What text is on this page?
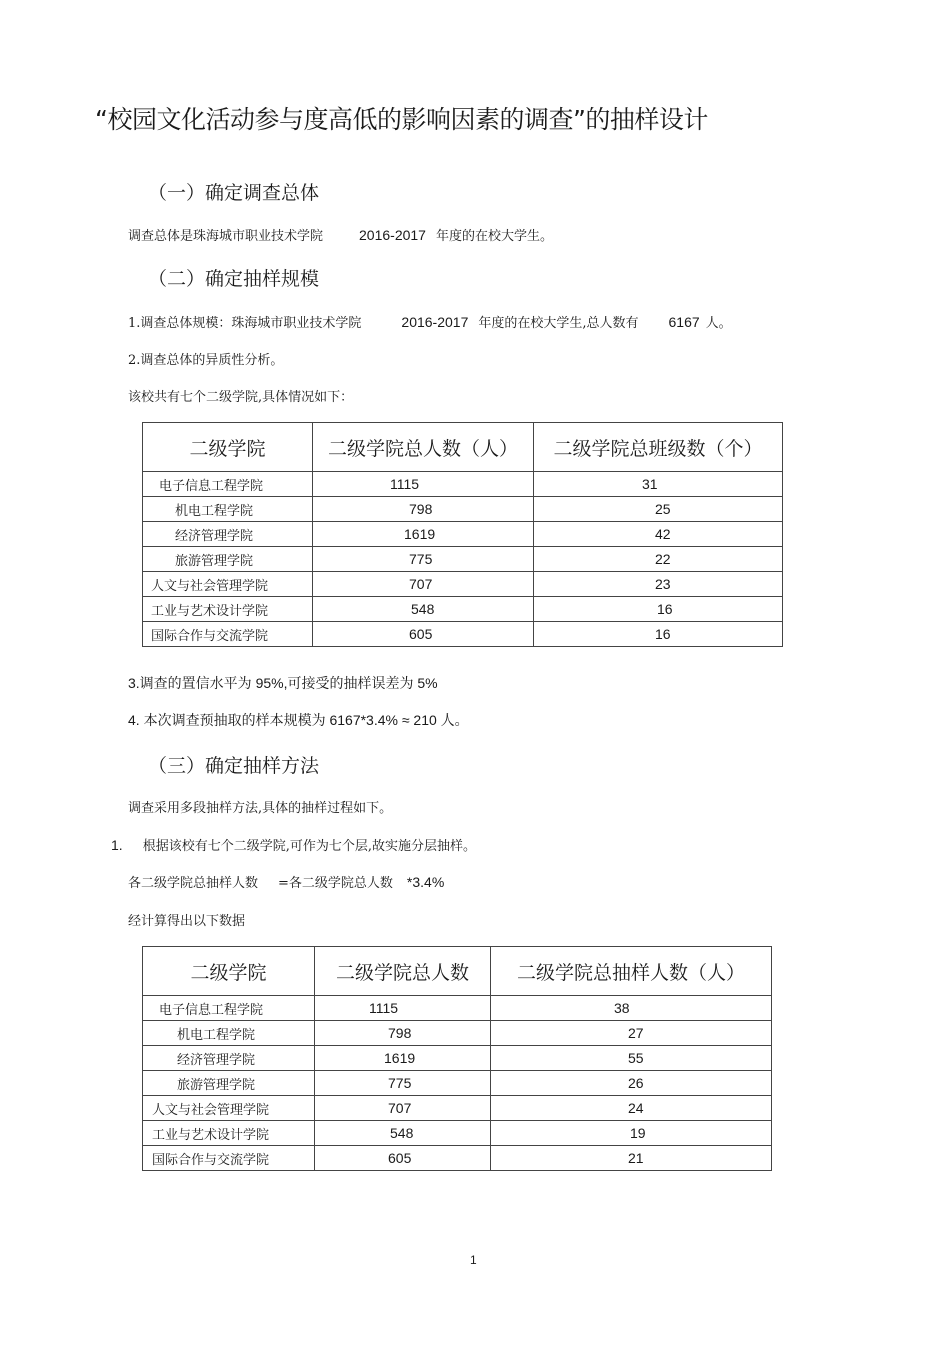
“校园文化活动参与度高低的影响因素的调查”的抽样设计
（一）确定调查总体
调查总体是珠海城市职业技术学院	2016-2017 年度的在校大学生。
（二）确定抽样规模
1.调查总体规模：珠海城市职业技术学院	2016-2017 年度的在校大学生,总人数有 6167 人。
2.调查总体的异质性分析。
该校共有七个二级学院,具体情况如下：
二级学院	二级学院总人数（人）	二级学院总班级数（个）
电子信息工程学院	1115	31
机电工程学院	798	25
经济管理学院	1619	42
旅游管理学院	775	22
人文与社会管理学院	707	23
工业与艺术设计学院	548	16
国际合作与交流学院	605	16
3.调查的置信水平为 95%,可接受的抽样误差为 5%
4. 本次调查预抽取的样本规模为 6167*3.4% ≈ 210 人。
（三）确定抽样方法
调查采用多段抽样方法,具体的抽样过程如下。
1. 根据该校有七个二级学院,可作为七个层,故实施分层抽样。
各二级学院总抽样人数 =各二级学院总人数 *3.4%
经计算得出以下数据
二级学院	二级学院总人数	二级学院总抽样人数（人）
电子信息工程学院	1115	38
机电工程学院	798	27
经济管理学院	1619	55
旅游管理学院	775	26
人文与社会管理学院	707	24
工业与艺术设计学院	548	19
国际合作与交流学院	605	21
1
